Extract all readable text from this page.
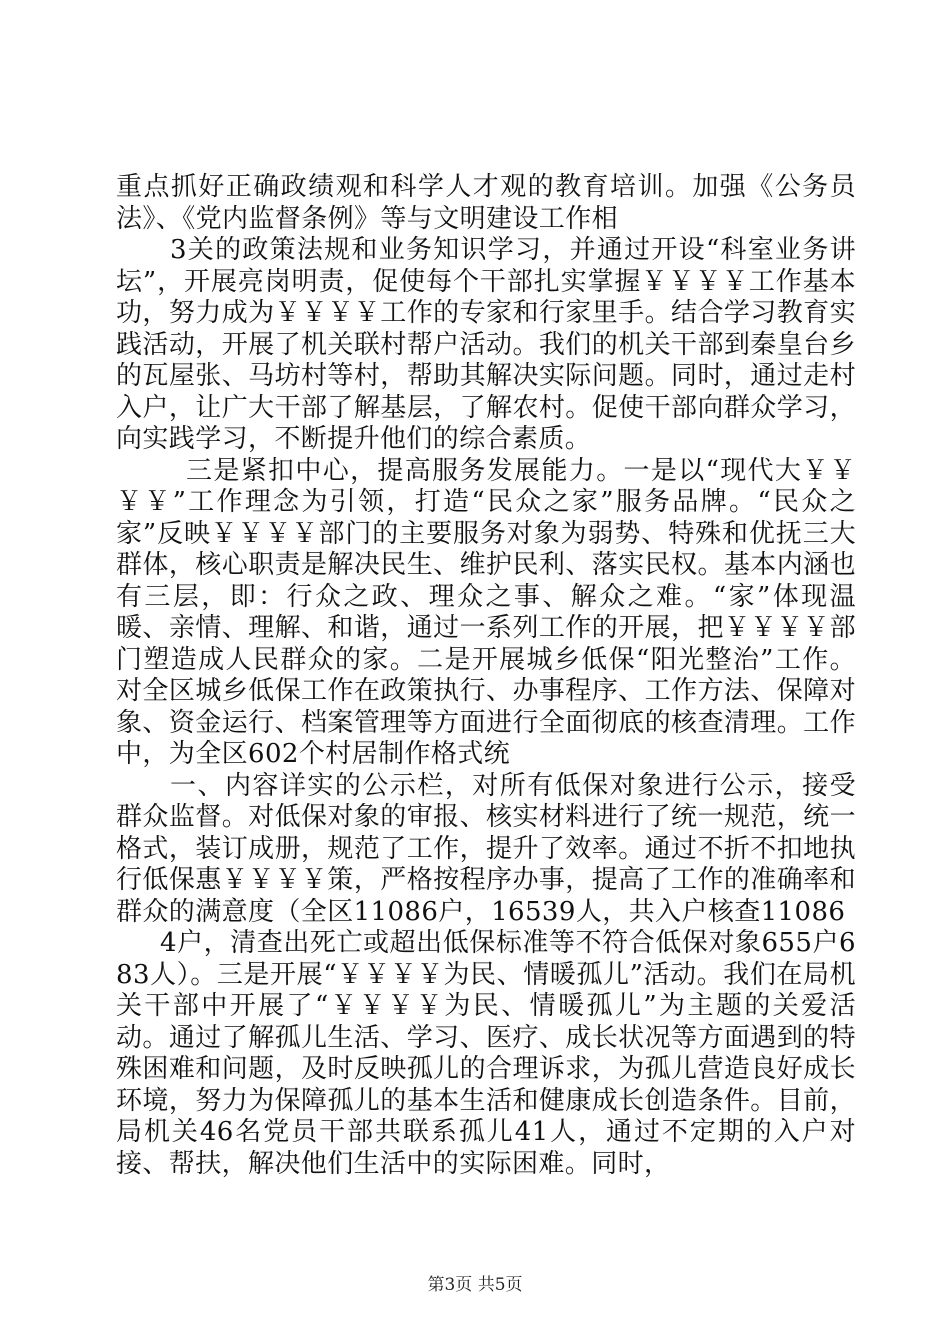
重点抓好正确政绩观和科学人才观的教育培训。加强《公务员法》、《党内监督条例》等与文明建设工作相

3关的政策法规和业务知识学习，并通过开设“科室业务讲坛”，开展亮岗明责，促使每个干部扎实掌握￥￥￥￥工作基本功，努力成为￥￥￥￥工作的专家和行家里手。结合学习教育实践活动，开展了机关联村帮户活动。我们的机关干部到秦皇台乡的瓦屋张、马坊村等村，帮助其解决实际问题。同时，通过走村入户，让广大干部了解基层，了解农村。促使干部向群众学习，向实践学习，不断提升他们的综合素质。

三是紧扣中心，提高服务发展能力。一是以“现代大￥￥￥￥”工作理念为引领，打造“民众之家”服务品牌。“民众之家”反映￥￥￥￥部门的主要服务对象为弱势、特殊和优抚三大群体，核心职责是解决民生、维护民利、落实民权。基本内涵也有三层，即：行众之政、理众之事、解众之难。“家”体现温暖、亲情、理解、和谐，通过一系列工作的开展，把￥￥￥￥部门塑造成人民群众的家。二是开展城乡低保“阳光整治”工作。对全区城乡低保工作在政策执行、办事程序、工作方法、保障对象、资金运行、档案管理等方面进行全面彻底的核查清理。工作中，为全区602个村居制作格式统

一、内容详实的公示栏，对所有低保对象进行公示，接受群众监督。对低保对象的审报、核实材料进行了统一规范，统一格式，装订成册，规范了工作，提升了效率。通过不折不扣地执行低保惠￥￥￥￥策，严格按程序办事，提高了工作的准确率和群众的满意度（全区11086户，16539人，共入户核查11086

4户，清查出死亡或超出低保标准等不符合低保对象655户683人）。三是开展“￥￥￥￥为民、情暖孤儿”活动。我们在局机关干部中开展了“￥￥￥￥为民、情暖孤儿”为主题的关爱活动。通过了解孤儿生活、学习、医疗、成长状况等方面遇到的特殊困难和问题，及时反映孤儿的合理诉求，为孤儿营造良好成长环境，努力为保障孤儿的基本生活和健康成长创造条件。目前，局机关46名党员干部共联系孤儿41人，通过不定期的入户对接、帮扶，解决他们生活中的实际困难。同时，

第3页 共5页
